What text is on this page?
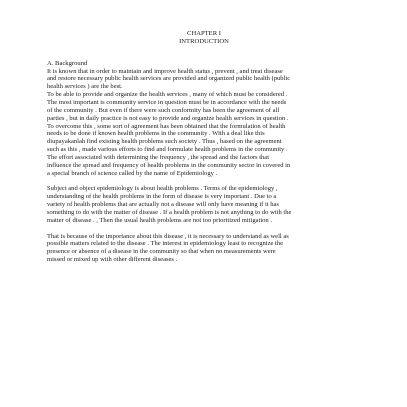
CHAPTER I
INTRODUCTION
A. Background

It is known that in order to maintain and improve health status , prevent , and treat disease
and restore necessary public health services are provided and organized public health (public
health services ) are the best.
To be able to provide and organize the health services , many of which must be considered .
The most important is community service in question must be in accordance with the needs
of the community . But even if there were such conformity has been the agreement of all
parties , but in daily practice is not easy to provide and organize health services in question .
To overcome this , some sort of agreement has been obtained that the formulation of health
needs to be done if known health problems in the community . With a deal like this
diupayakanlah find existing health problems such society . Thus , based on the agreement
such as this , made various efforts to find and formulate health problems in the community .
The effort associated with determining the frequency , the spread and the factors that
influence the spread and frequency of health problems in the community sector in covered in
a special branch of science called by the name of Epidemiology .

Subject and object epidemiology is about health problems . Terms of the epidemiology ,
understanding of the health problems in the form of disease is very important . Due to a
variety of health problems that are actually not a disease will only have meaning if it has
something to do with the matter of disease . If a health problem is not anything to do with the
matter of disease . , Then the usual health problems are not too prioritized mitigation .

That is because of the importance about this disease , it is necessary to understand as well as
possible matters related to the disease . The interest in epidemiology least to recognize the
presence or absence of a disease in the community so that when no measurements were
missed or mixed up with other different diseases .
